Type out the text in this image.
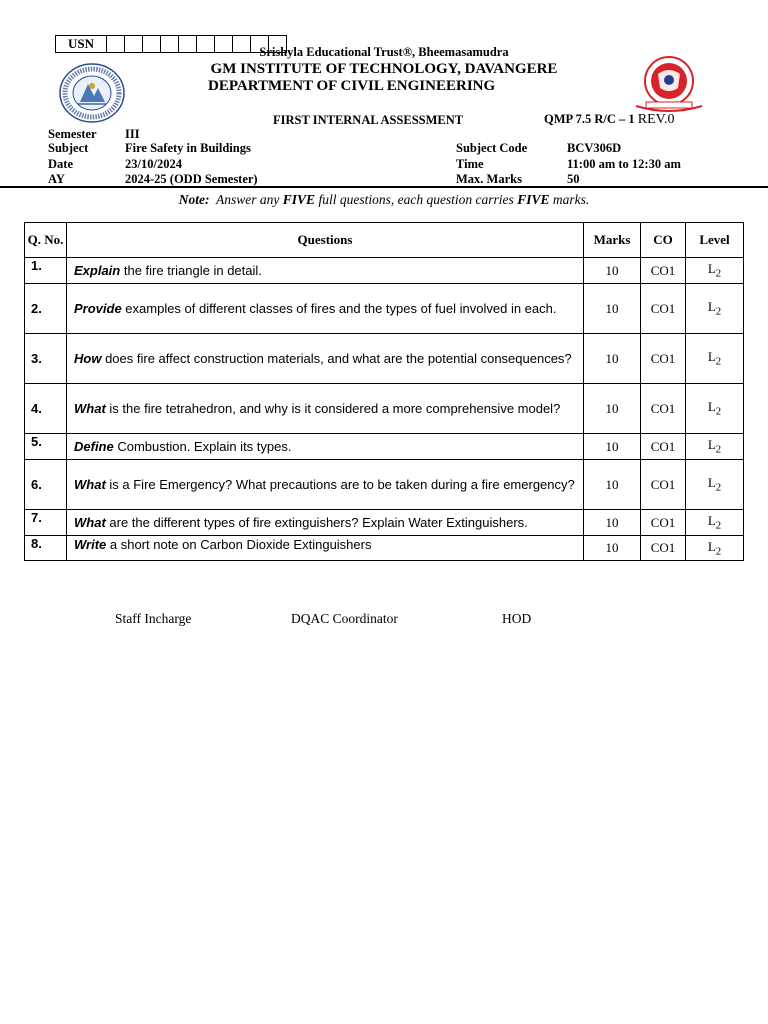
USN
Srishyla Educational Trust®, Bheemasamudra
GM INSTITUTE OF TECHNOLOGY, DAVANGERE
DEPARTMENT OF CIVIL ENGINEERING
FIRST INTERNAL ASSESSMENT	QMP 7.5 R/C – 1 REV.0
Semester III
Subject	Fire Safety in Buildings
Date	23/10/2024
AY	2024-25 (ODD Semester)
Subject Code	BCV306D
Time	11:00 am to 12:30 am
Max. Marks	50
Note: Answer any FIVE full questions, each question carries FIVE marks.
Q. No.	Questions	Marks	CO	Level
1.	Explain the fire triangle in detail.	10	CO1	$L_2$
2.	Provide examples of different classes of fires and the types of fuel involved in each.	10	CO1	$L_2$
3.	How does fire affect construction materials, and what are the potential consequences?	10	CO1	$L_2$
4.	What is the fire tetrahedron, and why is it considered a more comprehensive model?	10	CO1	$L_2$
5.	Define Combustion. Explain its types.	10	CO1	$L_2$
6.	What is a Fire Emergency? What precautions are to be taken during a fire emergency?	10	CO1	$L_2$
7.	What are the different types of fire extinguishers? Explain Water Extinguishers.	10	CO1	$L_2$
8.	Write a short note on Carbon Dioxide Extinguishers	10	CO1	$L_2$
Staff Incharge	DQAC Coordinator	HOD
